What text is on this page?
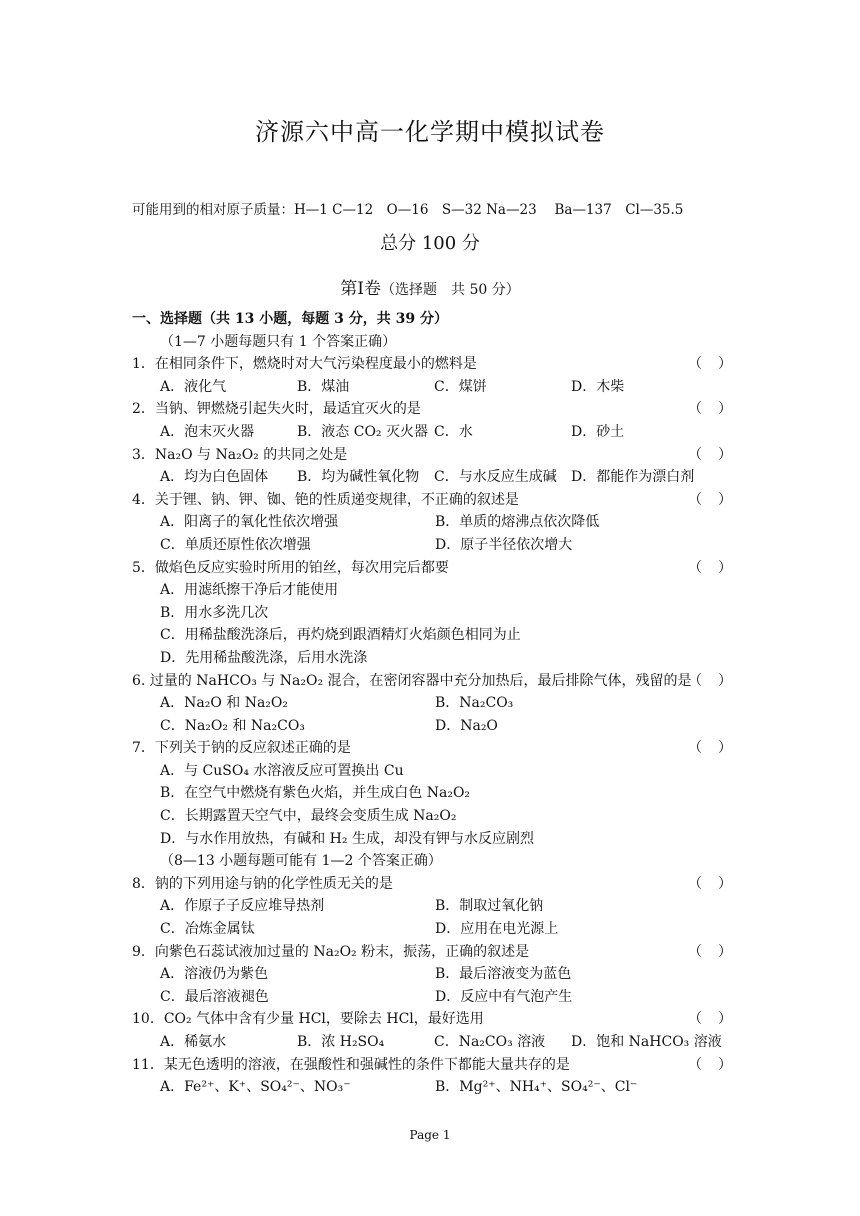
济源六中高一化学期中模拟试卷
可能用到的相对原子质量：H—1 C—12　O—16　S—32 Na—23　 Ba—137　Cl—35.5
总分 100 分
第Ⅰ卷（选择题　共 50 分）
一、选择题（共 13 小题，每题 3 分，共 39 分）
（1—7 小题每题只有 1 个答案正确）
1．在相同条件下，燃烧时对大气污染程度最小的燃料是	（ ）
A．液化气	B．煤油	C．煤饼	D．木柴
2．当钠、钾燃烧引起失火时，最适宜灭火的是	（ ）
A．泡末灭火器	B．液态 CO₂ 灭火器 C．水	D．砂土
3．Na₂O 与 Na₂O₂ 的共同之处是	（ ）
A．均为白色固体 B．均为碱性氧化物 C．与水反应生成碱 D．都能作为漂白剂
4．关于锂、钠、钾、铷、铯的性质递变规律，不正确的叙述是	（ ）
A．阳离子的氧化性依次增强	B．单质的熔沸点依次降低
C．单质还原性依次增强	D．原子半径依次增大
5．做焰色反应实验时所用的铂丝，每次用完后都要	（ ）
A．用滤纸擦干净后才能使用
B．用水多洗几次
C．用稀盐酸洗涤后，再灼烧到跟酒精灯火焰颜色相同为止
D．先用稀盐酸洗涤，后用水洗涤
6. 过量的 NaHCO₃ 与 Na₂O₂ 混合，在密闭容器中充分加热后，最后排除气体，残留的是
（ ）
A．Na₂O 和 Na₂O₂	B．Na₂CO₃
C．Na₂O₂ 和 Na₂CO₃	D．Na₂O
7．下列关于钠的反应叙述正确的是	（ ）
A．与 CuSO₄ 水溶液反应可置换出 Cu
B．在空气中燃烧有紫色火焰，并生成白色 Na₂O₂
C．长期露置天空气中，最终会变质生成 Na₂O₂
D．与水作用放热，有碱和 H₂ 生成，却没有钾与水反应剧烈
（8—13 小题每题可能有 1—2 个答案正确）
8．钠的下列用途与钠的化学性质无关的是	（ ）
A．作原子子反应堆导热剂	B．制取过氧化钠
C．冶炼金属钛	D．应用在电光源上
9．向紫色石蕊试液加过量的 Na₂O₂ 粉末，振荡，正确的叙述是	（ ）
A．溶液仍为紫色	B．最后溶液变为蓝色
C．最后溶液褪色	D．反应中有气泡产生
10．CO₂ 气体中含有少量 HCl，要除去 HCl，最好选用	（ ）
A．稀氨水	B．浓 H₂SO₄	C．Na₂CO₃ 溶液 D．饱和 NaHCO₃ 溶液
11．某无色透明的溶液，在强酸性和强碱性的条件下都能大量共存的是	（ ）
A．Fe²⁺、K⁺、SO₄²⁻、NO₃⁻	B．Mg²⁺、NH₄⁺、SO₄²⁻、Cl⁻
Page 1
